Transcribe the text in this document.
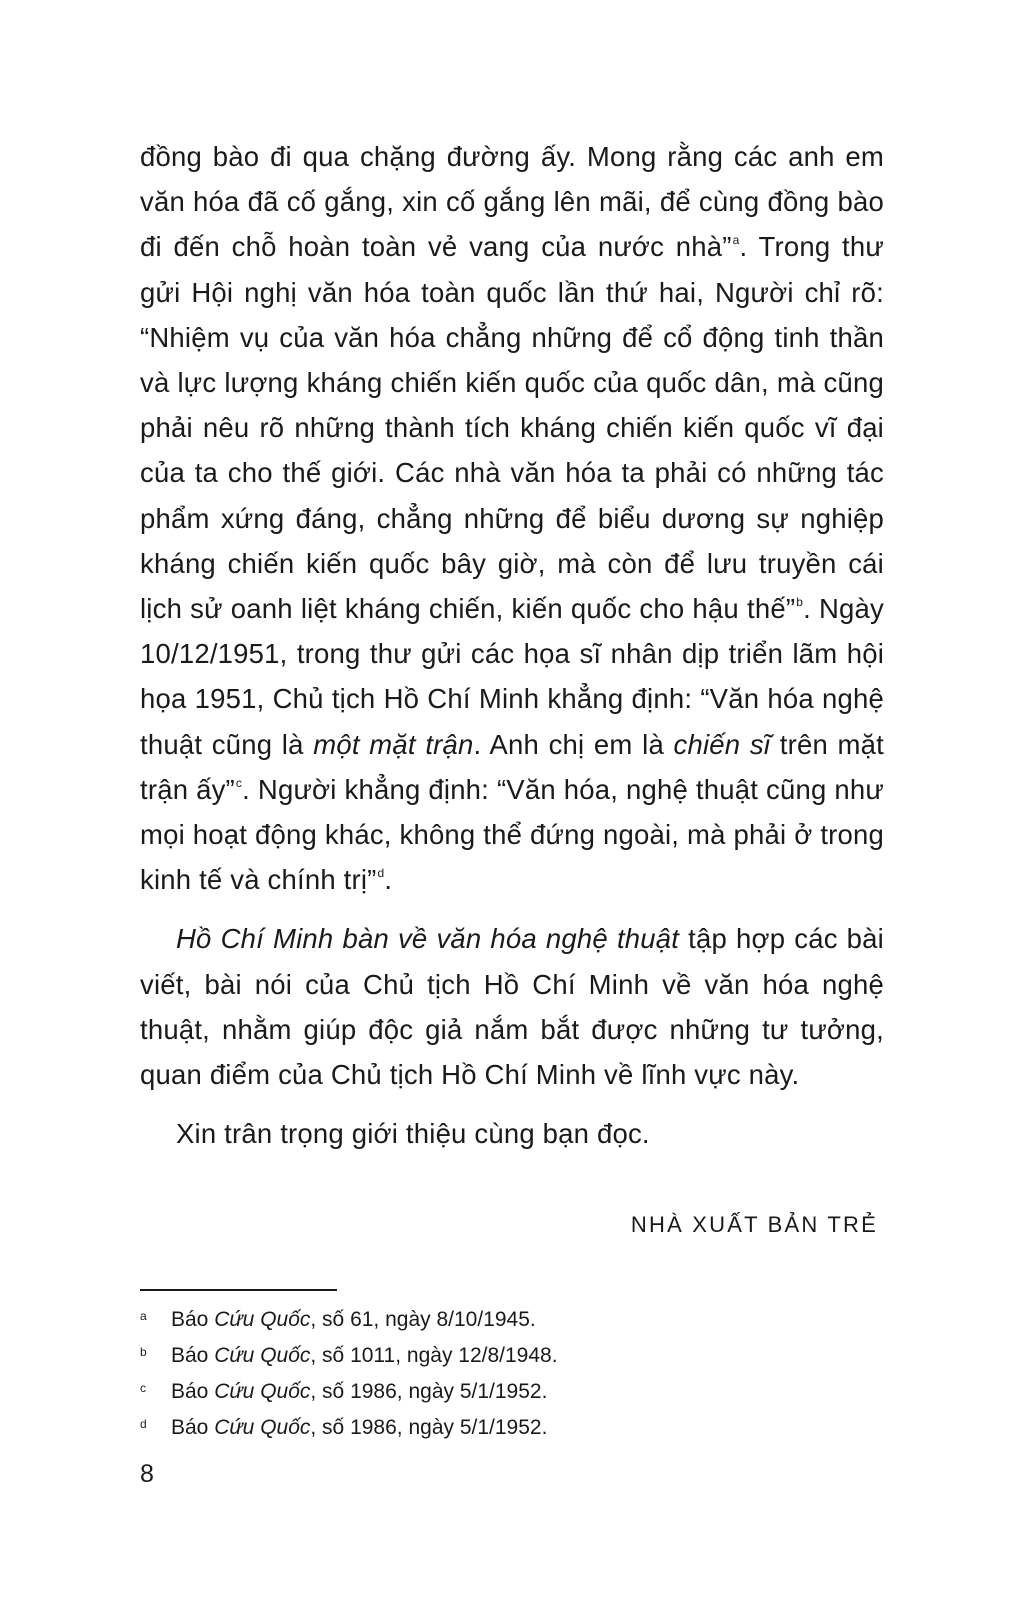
đồng bào đi qua chặng đường ấy. Mong rằng các anh em văn hóa đã cố gắng, xin cố gắng lên mãi, để cùng đồng bào đi đến chỗ hoàn toàn vẻ vang của nước nhà”$^a$. Trong thư gửi Hội nghị văn hóa toàn quốc lần thứ hai, Người chỉ rõ: “Nhiệm vụ của văn hóa chẳng những để cổ động tinh thần và lực lượng kháng chiến kiến quốc của quốc dân, mà cũng phải nêu rõ những thành tích kháng chiến kiến quốc vĩ đại của ta cho thế giới. Các nhà văn hóa ta phải có những tác phẩm xứng đáng, chẳng những để biểu dương sự nghiệp kháng chiến kiến quốc bây giờ, mà còn để lưu truyền cái lịch sử oanh liệt kháng chiến, kiến quốc cho hậu thế”$^b$. Ngày 10/12/1951, trong thư gửi các họa sĩ nhân dịp triển lãm hội họa 1951, Chủ tịch Hồ Chí Minh khẳng định: “Văn hóa nghệ thuật cũng là một mặt trận. Anh chị em là chiến sĩ trên mặt trận ấy”$^c$. Người khẳng định: “Văn hóa, nghệ thuật cũng như mọi hoạt động khác, không thể đứng ngoài, mà phải ở trong kinh tế và chính trị”$^d$.

Hồ Chí Minh bàn về văn hóa nghệ thuật tập hợp các bài viết, bài nói của Chủ tịch Hồ Chí Minh về văn hóa nghệ thuật, nhằm giúp độc giả nắm bắt được những tư tưởng, quan điểm của Chủ tịch Hồ Chí Minh về lĩnh vực này.

Xin trân trọng giới thiệu cùng bạn đọc.

NHÀ XUẤT BẢN TRẺ
a Báo Cứu Quốc, số 61, ngày 8/10/1945.
b Báo Cứu Quốc, số 1011, ngày 12/8/1948.
c Báo Cứu Quốc, số 1986, ngày 5/1/1952.
d Báo Cứu Quốc, số 1986, ngày 5/1/1952.
8
